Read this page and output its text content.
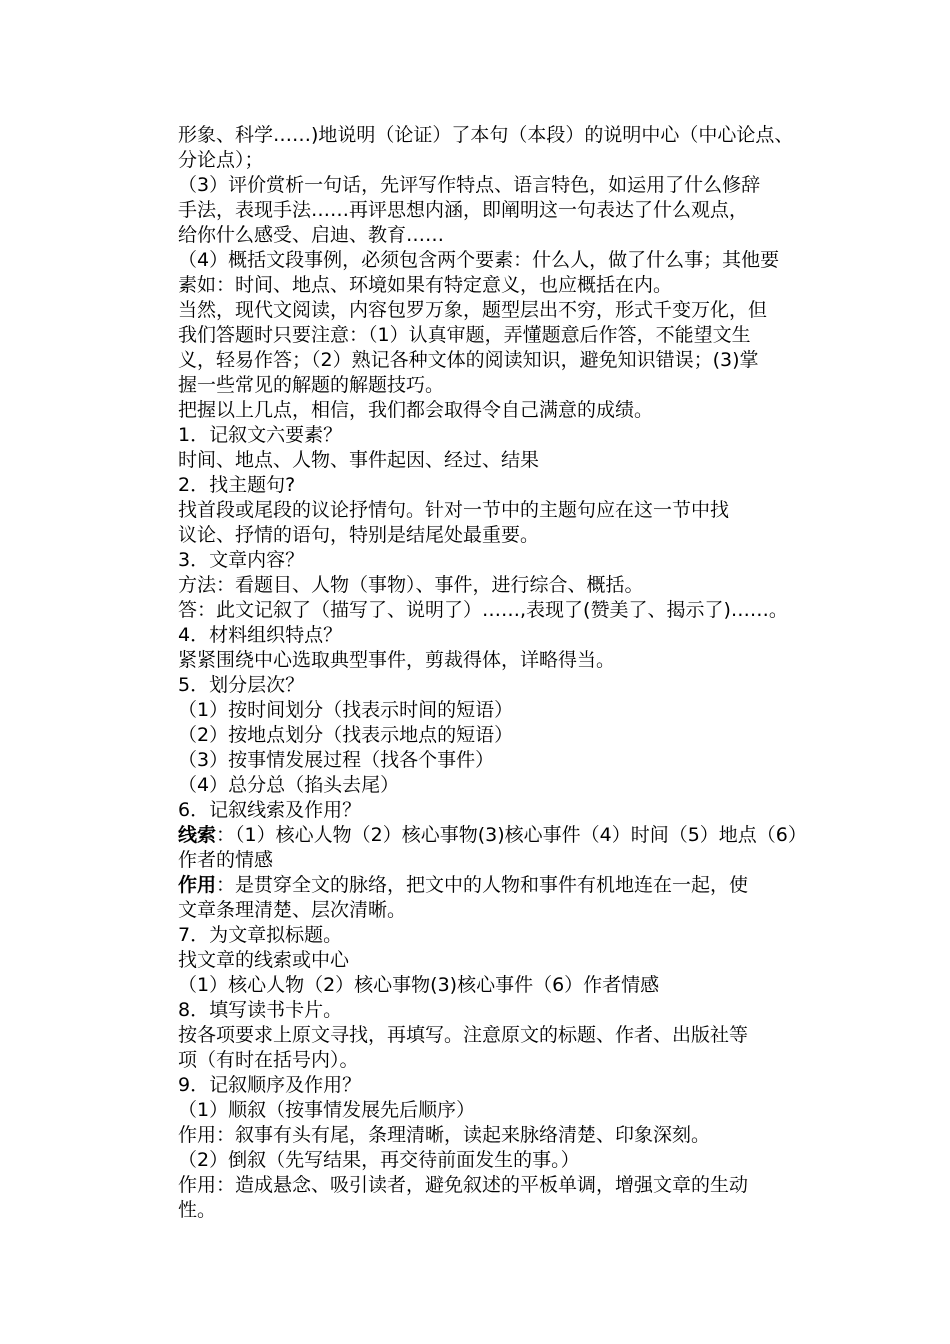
形象、科学……)地说明（论证）了本句（本段）的说明中心（中心论点、
分论点）；
（3）评价赏析一句话，先评写作特点、语言特色，如运用了什么修辞
手法，表现手法……再评思想内涵，即阐明这一句表达了什么观点，
给你什么感受、启迪、教育……
（4）概括文段事例，必须包含两个要素：什么人，做了什么事；其他要
素如：时间、地点、环境如果有特定意义，也应概括在内。
当然，现代文阅读，内容包罗万象，题型层出不穷，形式千变万化，但
我们答题时只要注意：（1）认真审题，弄懂题意后作答，不能望文生
义，轻易作答；（2）熟记各种文体的阅读知识，避免知识错误；(3)掌
握一些常见的解题的解题技巧。
把握以上几点，相信，我们都会取得令自己满意的成绩。
1．记叙文六要素？
时间、地点、人物、事件起因、经过、结果
2．找主题句?
找首段或尾段的议论抒情句。针对一节中的主题句应在这一节中找
议论、抒情的语句，特别是结尾处最重要。
3．文章内容？
方法：看题目、人物（事物）、事件，进行综合、概括。
答：此文记叙了（描写了、说明了）……,表现了(赞美了、揭示了)……。
4．材料组织特点？
紧紧围绕中心选取典型事件，剪裁得体，详略得当。
5．划分层次？
（1）按时间划分（找表示时间的短语）
（2）按地点划分（找表示地点的短语）
（3）按事情发展过程（找各个事件）
（4）总分总（掐头去尾）
6．记叙线索及作用？
线索：（1）核心人物（2）核心事物(3)核心事件（4）时间（5）地点（6）
作者的情感
作用：是贯穿全文的脉络，把文中的人物和事件有机地连在一起，使
文章条理清楚、层次清晰。
7．为文章拟标题。
找文章的线索或中心
（1）核心人物（2）核心事物(3)核心事件（6）作者情感
8．填写读书卡片。
按各项要求上原文寻找，再填写。注意原文的标题、作者、出版社等
项（有时在括号内）。
9．记叙顺序及作用？
（1）顺叙（按事情发展先后顺序）
作用：叙事有头有尾，条理清晰，读起来脉络清楚、印象深刻。
（2）倒叙（先写结果，再交待前面发生的事。）
作用：造成悬念、吸引读者，避免叙述的平板单调，增强文章的生动
性。
